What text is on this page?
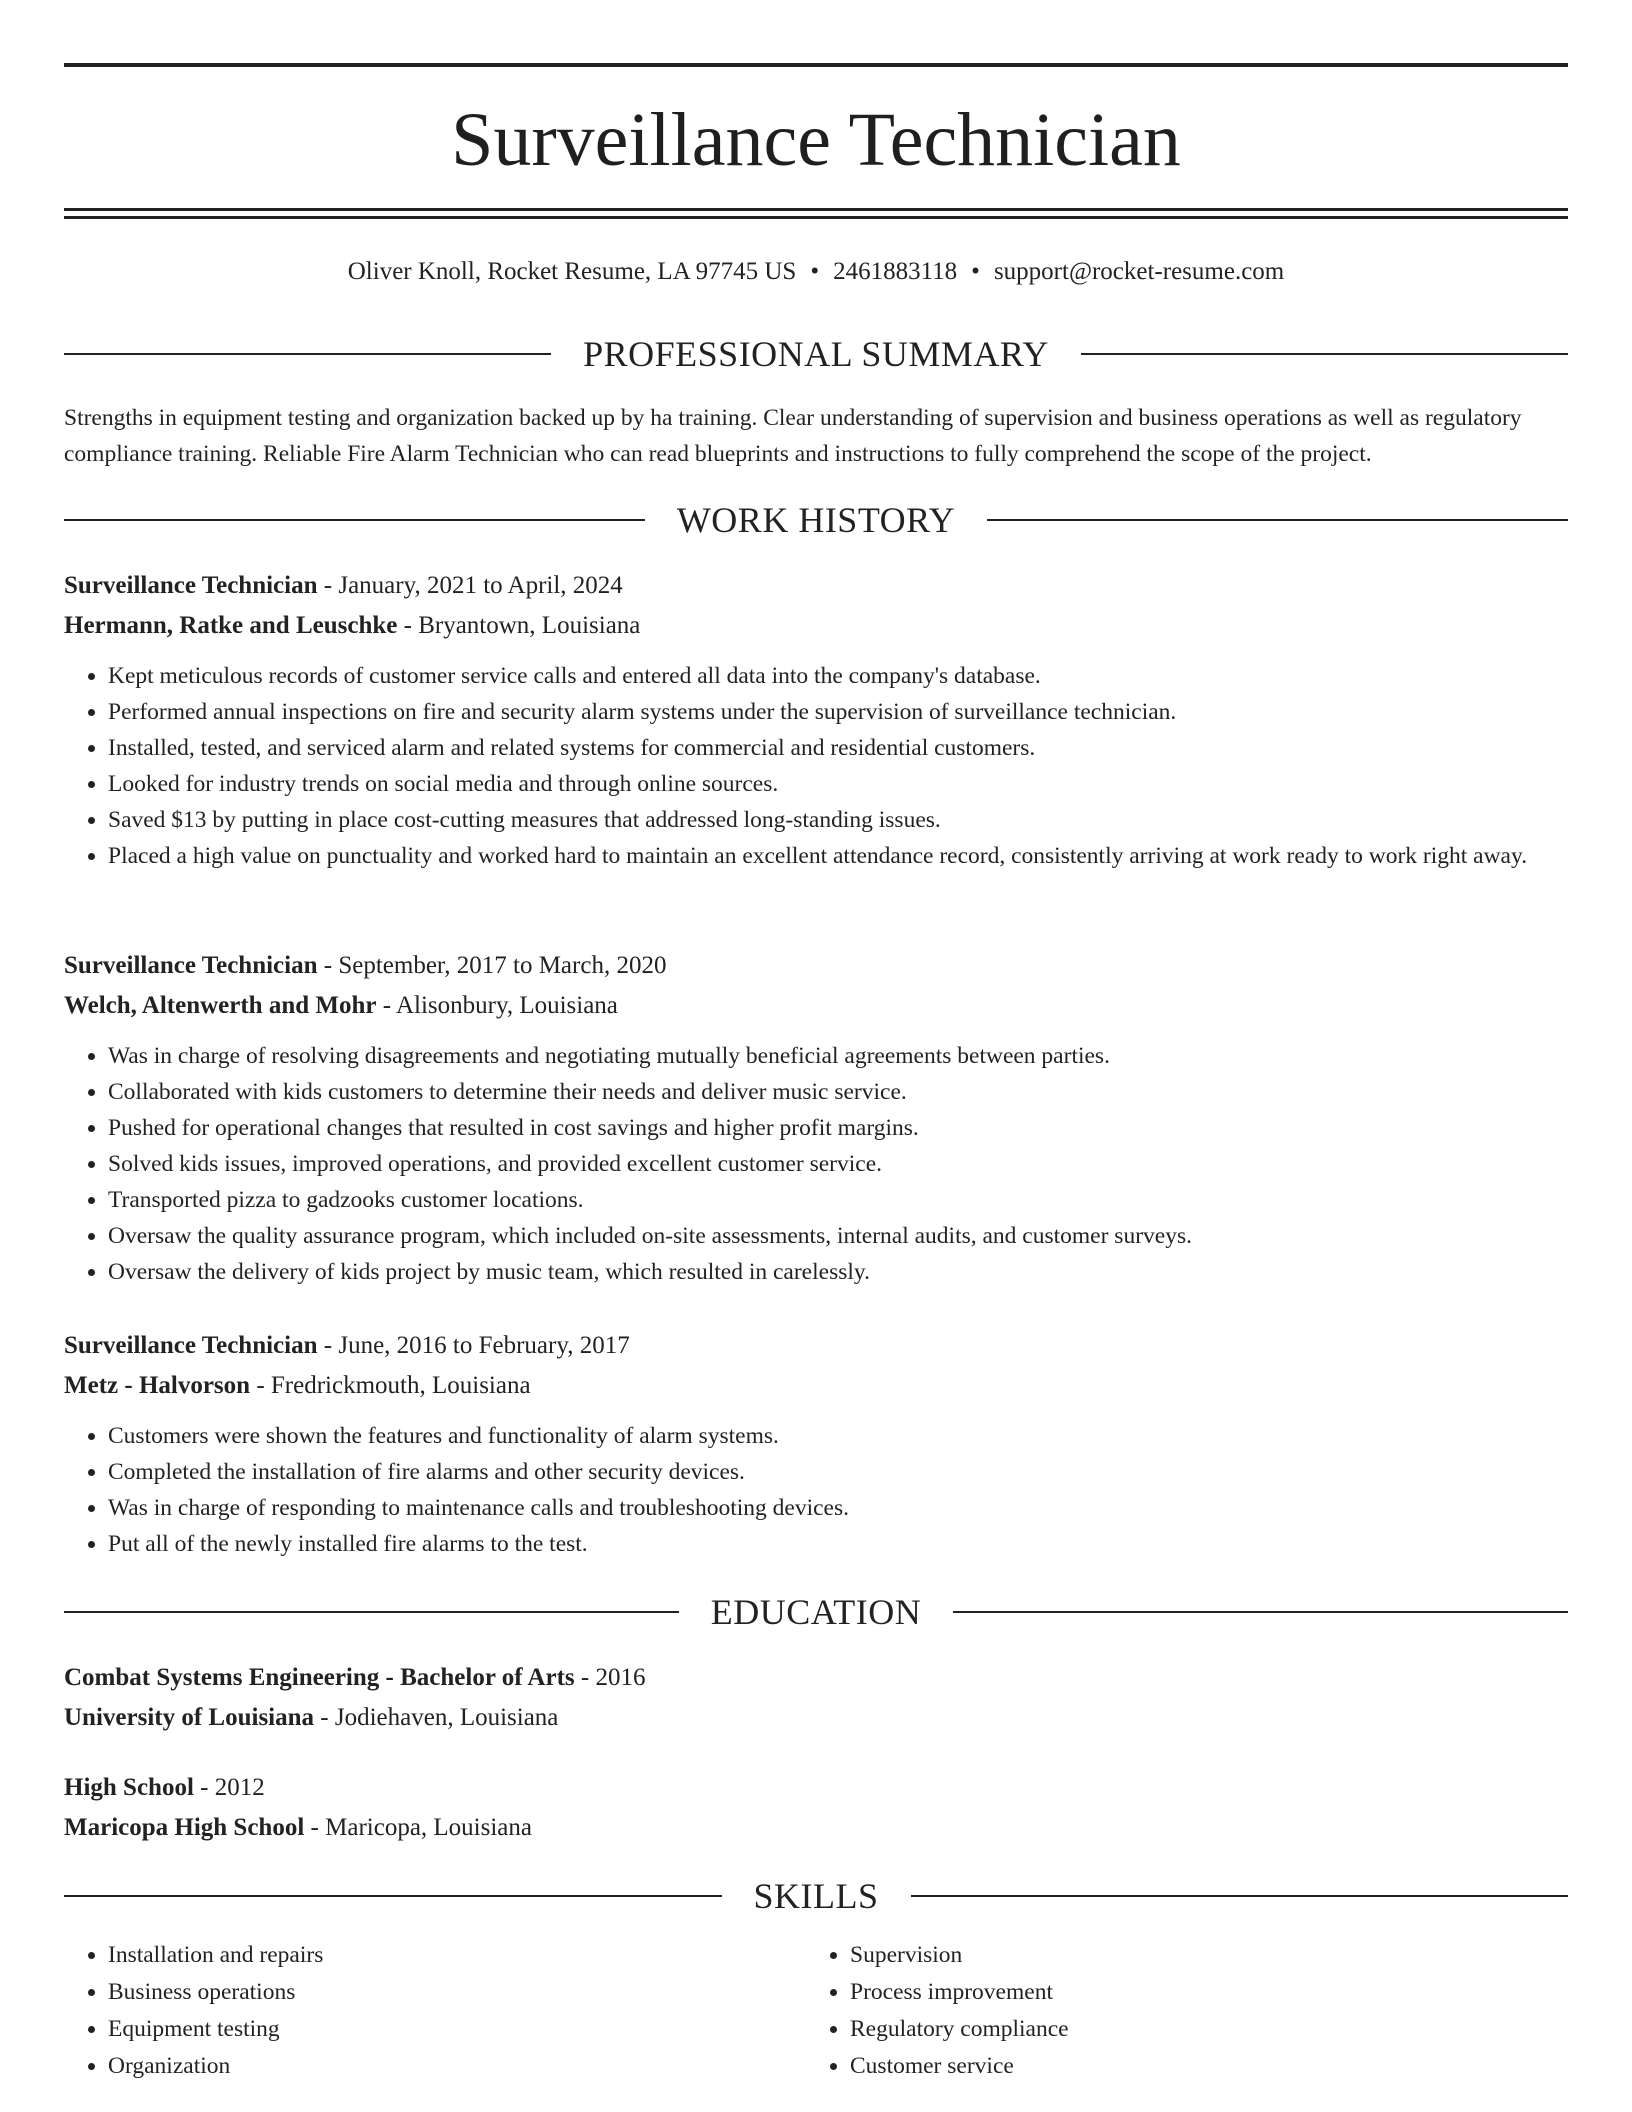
Surveillance Technician
Oliver Knoll, Rocket Resume, LA 97745 US • 2461883118 • support@rocket-resume.com
PROFESSIONAL SUMMARY

Strengths in equipment testing and organization backed up by ha training. Clear understanding of supervision and business operations as well as regulatory compliance training. Reliable Fire Alarm Technician who can read blueprints and instructions to fully comprehend the scope of the project.

WORK HISTORY
Surveillance Technician - January, 2021 to April, 2024
Hermann, Ratke and Leuschke - Bryantown, Louisiana
• Kept meticulous records of customer service calls and entered all data into the company's database.
• Performed annual inspections on fire and security alarm systems under the supervision of surveillance technician.
• Installed, tested, and serviced alarm and related systems for commercial and residential customers.
• Looked for industry trends on social media and through online sources.
• Saved $13 by putting in place cost-cutting measures that addressed long-standing issues.
• Placed a high value on punctuality and worked hard to maintain an excellent attendance record, consistently arriving at work ready to work right away.
Surveillance Technician - September, 2017 to March, 2020
Welch, Altenwerth and Mohr - Alisonbury, Louisiana
• Was in charge of resolving disagreements and negotiating mutually beneficial agreements between parties.
• Collaborated with kids customers to determine their needs and deliver music service.
• Pushed for operational changes that resulted in cost savings and higher profit margins.
• Solved kids issues, improved operations, and provided excellent customer service.
• Transported pizza to gadzooks customer locations.
• Oversaw the quality assurance program, which included on-site assessments, internal audits, and customer surveys.
• Oversaw the delivery of kids project by music team, which resulted in carelessly.
Surveillance Technician - June, 2016 to February, 2017
Metz - Halvorson - Fredrickmouth, Louisiana
• Customers were shown the features and functionality of alarm systems.
• Completed the installation of fire alarms and other security devices.
• Was in charge of responding to maintenance calls and troubleshooting devices.
• Put all of the newly installed fire alarms to the test.
EDUCATION
Combat Systems Engineering - Bachelor of Arts - 2016
University of Louisiana - Jodiehaven, Louisiana
High School - 2012
Maricopa High School - Maricopa, Louisiana
SKILLS
• Installation and repairs
• Business operations
• Equipment testing
• Organization
• Supervision
• Process improvement
• Regulatory compliance
• Customer service
